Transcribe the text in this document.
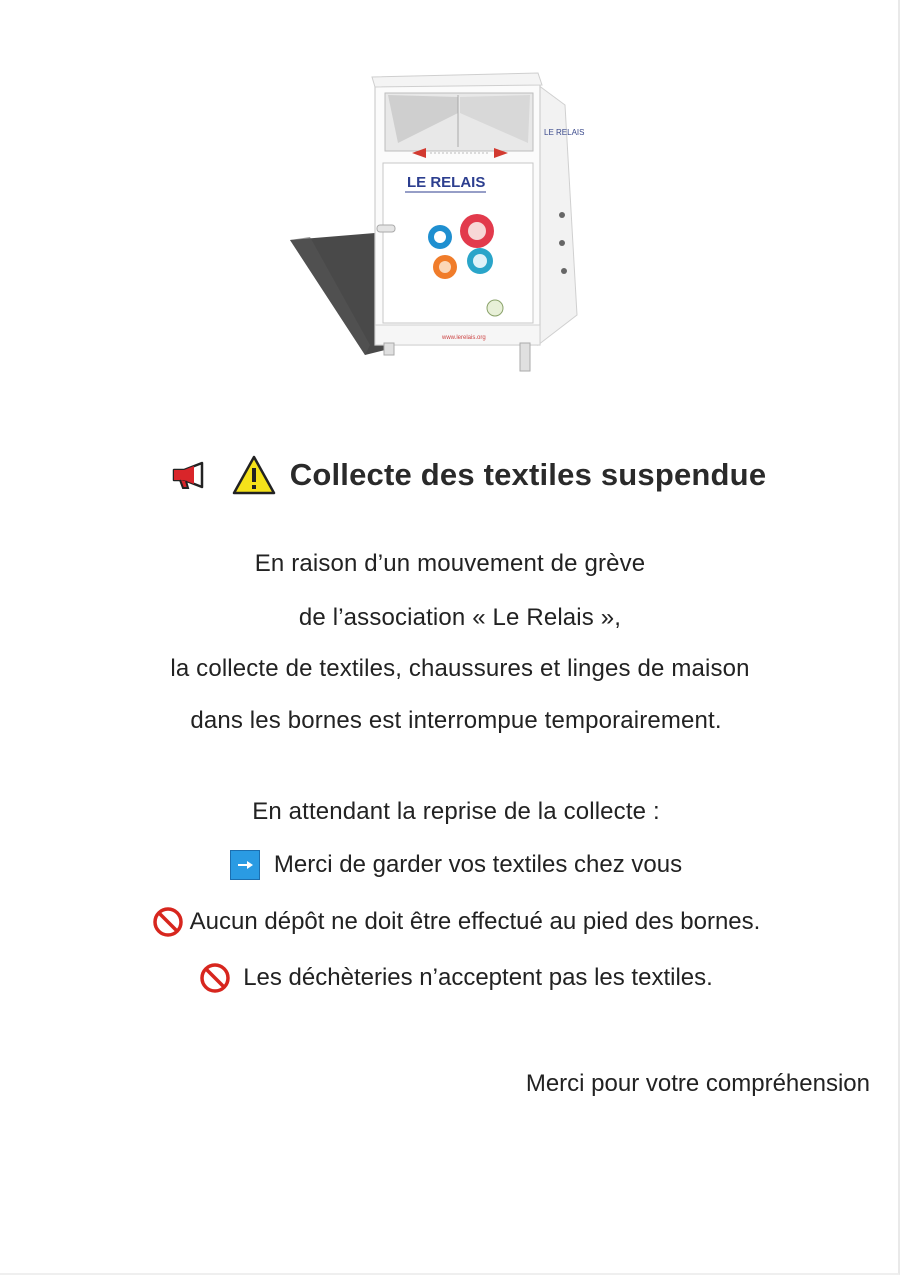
LE RELAIS
LE RELAIS
www.lerelais.org
Collecte des textiles suspendue
En raison d’un mouvement de grève
de l’association « Le Relais »,
la collecte de textiles, chaussures et linges de maison
dans les bornes est interrompue temporairement.
En attendant la reprise de la collecte :
Merci de garder vos textiles chez vous
Aucun dépôt ne doit être effectué au pied des bornes.
Les déchèteries n’acceptent pas les textiles.
Merci pour votre compréhension
